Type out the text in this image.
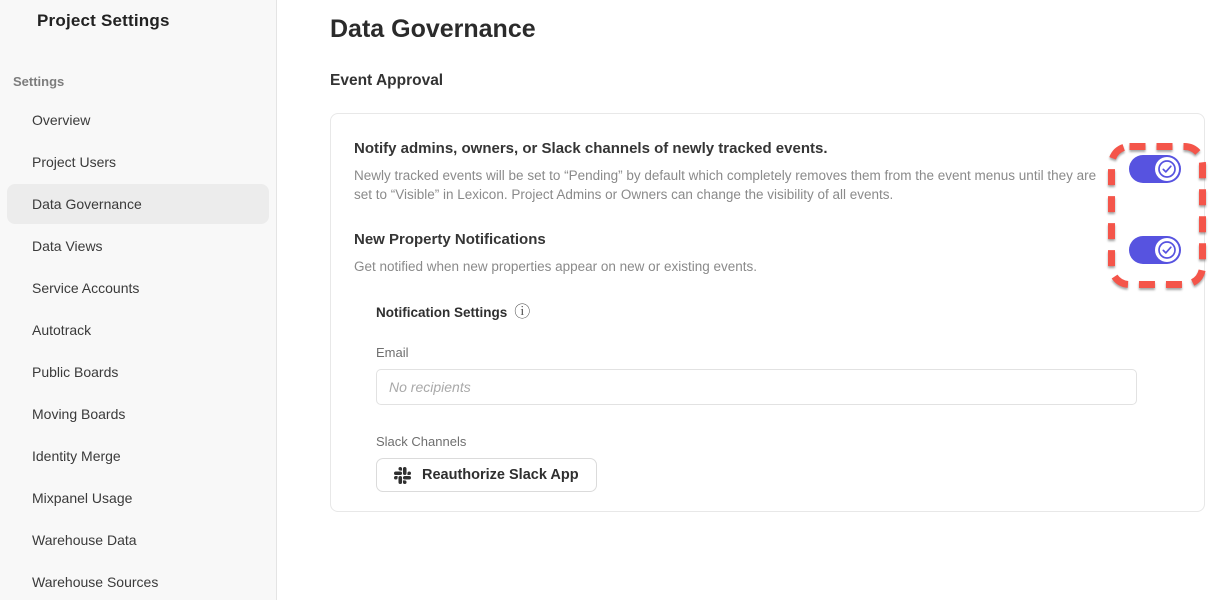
Project Settings
Settings
Overview
Project Users
Data Governance
Data Views
Service Accounts
Autotrack
Public Boards
Moving Boards
Identity Merge
Mixpanel Usage
Warehouse Data
Warehouse Sources
Data Governance
Event Approval
Notify admins, owners, or Slack channels of newly tracked events.

Newly tracked events will be set to “Pending” by default which completely removes them from the event menus until they are set to “Visible” in Lexicon. Project Admins or Owners can change the visibility of all events.

New Property Notifications

Get notified when new properties appear on new or existing events.

Notification Settings ⓘ
Email
No recipients
Slack Channels
Reauthorize Slack App
